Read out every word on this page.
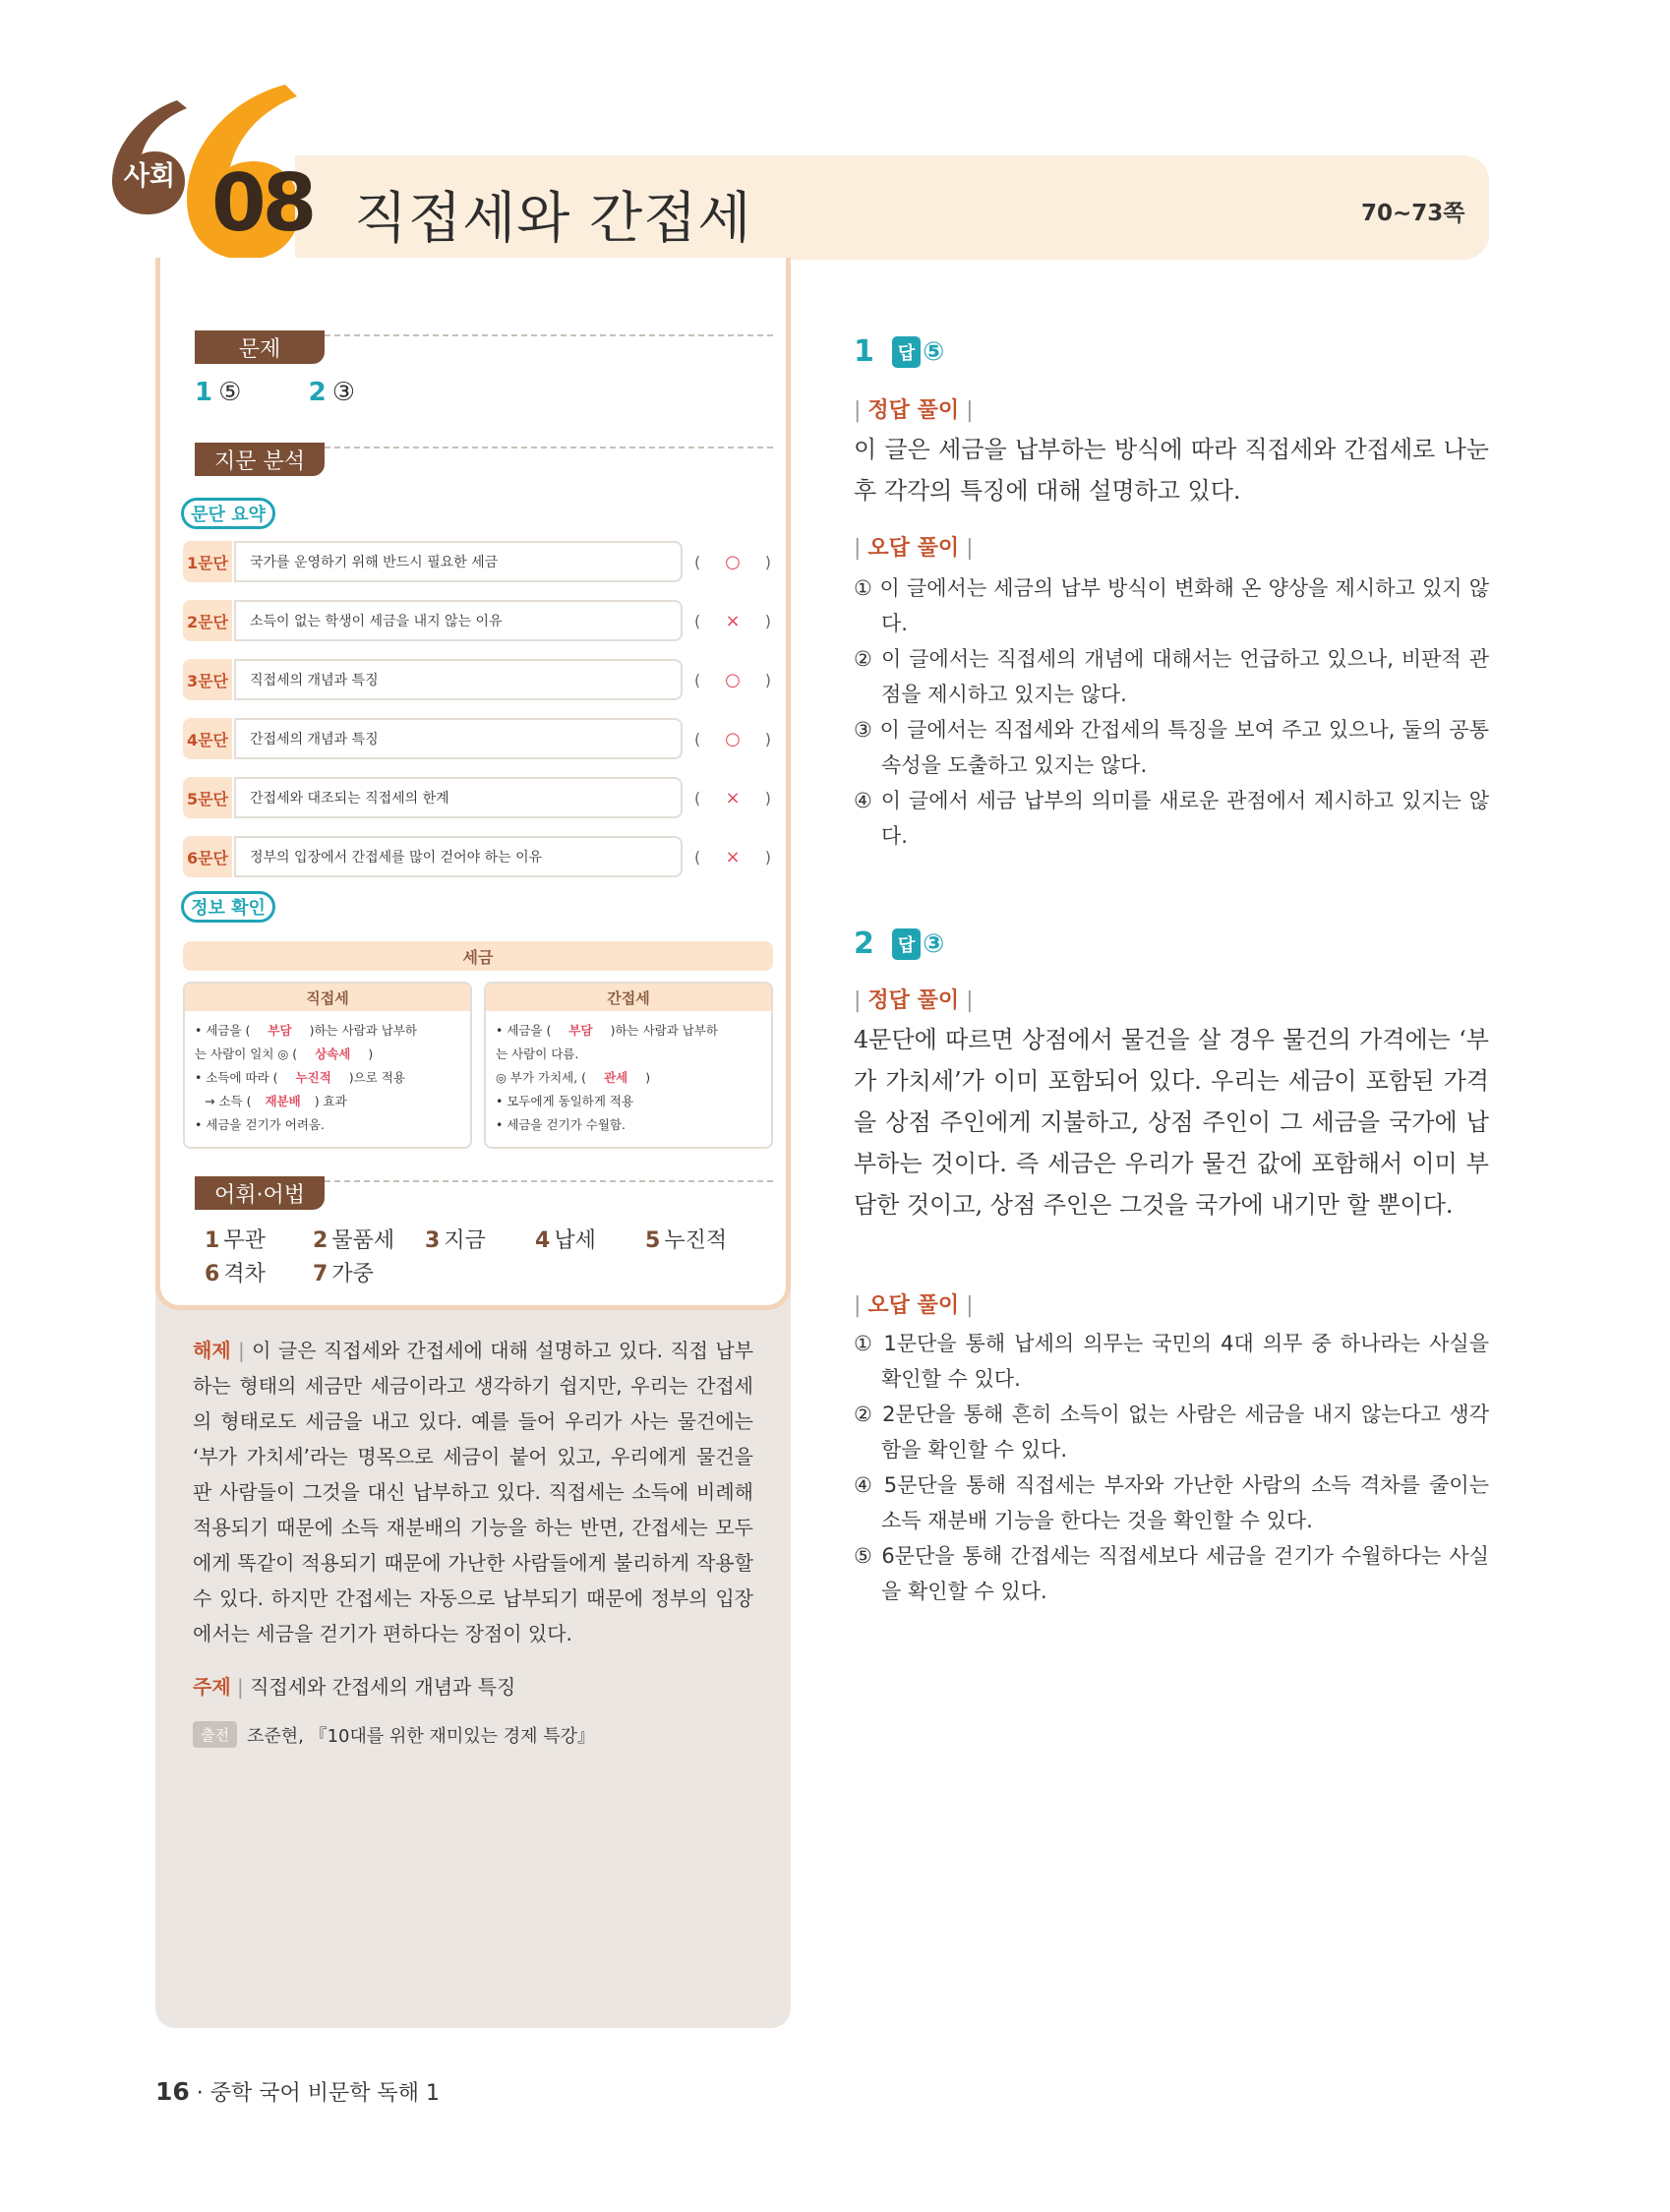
사회 08 직접세와 간접세	70~73쪽
문제
1 ⑤	2 ③
지문 분석
문단 요약
1문단	국가를 운영하기 위해 반드시 필요한 세금	( ○ )
2문단	소득이 없는 학생이 세금을 내지 않는 이유	( × )
3문단	직접세의 개념과 특징	( ○ )
4문단	간접세의 개념과 특징	( ○ )
5문단	간접세와 대조되는 직접세의 한계	( × )
6문단	정부의 입장에서 간접세를 많이 걷어야 하는 이유	( × )
정보 확인
세금
직접세
• 세금을 ( 부담 )하는 사람과 납부하
는 사람이 일치 ◎ ( 상속세 )
• 소득에 따라 ( 누진적 )으로 적용
→ 소득 ( 재분배 ) 효과
• 세금을 걷기가 어려움.
간접세
• 세금을 ( 부담 )하는 사람과 납부하
는 사람이 다름.
◎ 부가 가치세, ( 관세 )
• 모두에게 동일하게 적용
• 세금을 걷기가 수월함.
어휘·어법
1 무관 2 물품세 3 지금 4 납세 5 누진적
6 격차 7 가중
해제 | 이 글은 직접세와 간접세에 대해 설명하고 있다. 직접 납부하는 형태의 세금만 세금이라고 생각하기 쉽지만, 우리는 간접세의 형태로도 세금을 내고 있다. 예를 들어 우리가 사는 물건에는 ‘부가 가치세’라는 명목으로 세금이 붙어 있고, 우리에게 물건을 판 사람들이 그것을 대신 납부하고 있다. 직접세는 소득에 비례해 적용되기 때문에 소득 재분배의 기능을 하는 반면, 간접세는 모두에게 똑같이 적용되기 때문에 가난한 사람들에게 불리하게 작용할 수 있다. 하지만 간접세는 자동으로 납부되기 때문에 정부의 입장에서는 세금을 걷기가 편하다는 장점이 있다.
주제 | 직접세와 간접세의 개념과 특징
출전	조준현, 『10대를 위한 재미있는 경제 특강』
1	답 ⑤
| 정답 풀이 |
이 글은 세금을 납부하는 방식에 따라 직접세와 간접세로 나눈 후 각각의 특징에 대해 설명하고 있다.
| 오답 풀이 |
① 이 글에서는 세금의 납부 방식이 변화해 온 양상을 제시하고 있지 않다.
② 이 글에서는 직접세의 개념에 대해서는 언급하고 있으나, 비판적 관점을 제시하고 있지는 않다.
③ 이 글에서는 직접세와 간접세의 특징을 보여 주고 있으나, 둘의 공통 속성을 도출하고 있지는 않다.
④ 이 글에서 세금 납부의 의미를 새로운 관점에서 제시하고 있지는 않다.
2	답 ③
| 정답 풀이 |
4문단에 따르면 상점에서 물건을 살 경우 물건의 가격에는 ‘부가 가치세’가 이미 포함되어 있다. 우리는 세금이 포함된 가격을 상점 주인에게 지불하고, 상점 주인이 그 세금을 국가에 납부하는 것이다. 즉 세금은 우리가 물건 값에 포함해서 이미 부담한 것이고, 상점 주인은 그것을 국가에 내기만 할 뿐이다.
| 오답 풀이 |
① 1문단을 통해 납세의 의무는 국민의 4대 의무 중 하나라는 사실을 확인할 수 있다.
② 2문단을 통해 흔히 소득이 없는 사람은 세금을 내지 않는다고 생각함을 확인할 수 있다.
④ 5문단을 통해 직접세는 부자와 가난한 사람의 소득 격차를 줄이는 소득 재분배 기능을 한다는 것을 확인할 수 있다.
⑤ 6문단을 통해 간접세는 직접세보다 세금을 걷기가 수월하다는 사실을 확인할 수 있다.
16 · 중학 국어 비문학 독해 1
